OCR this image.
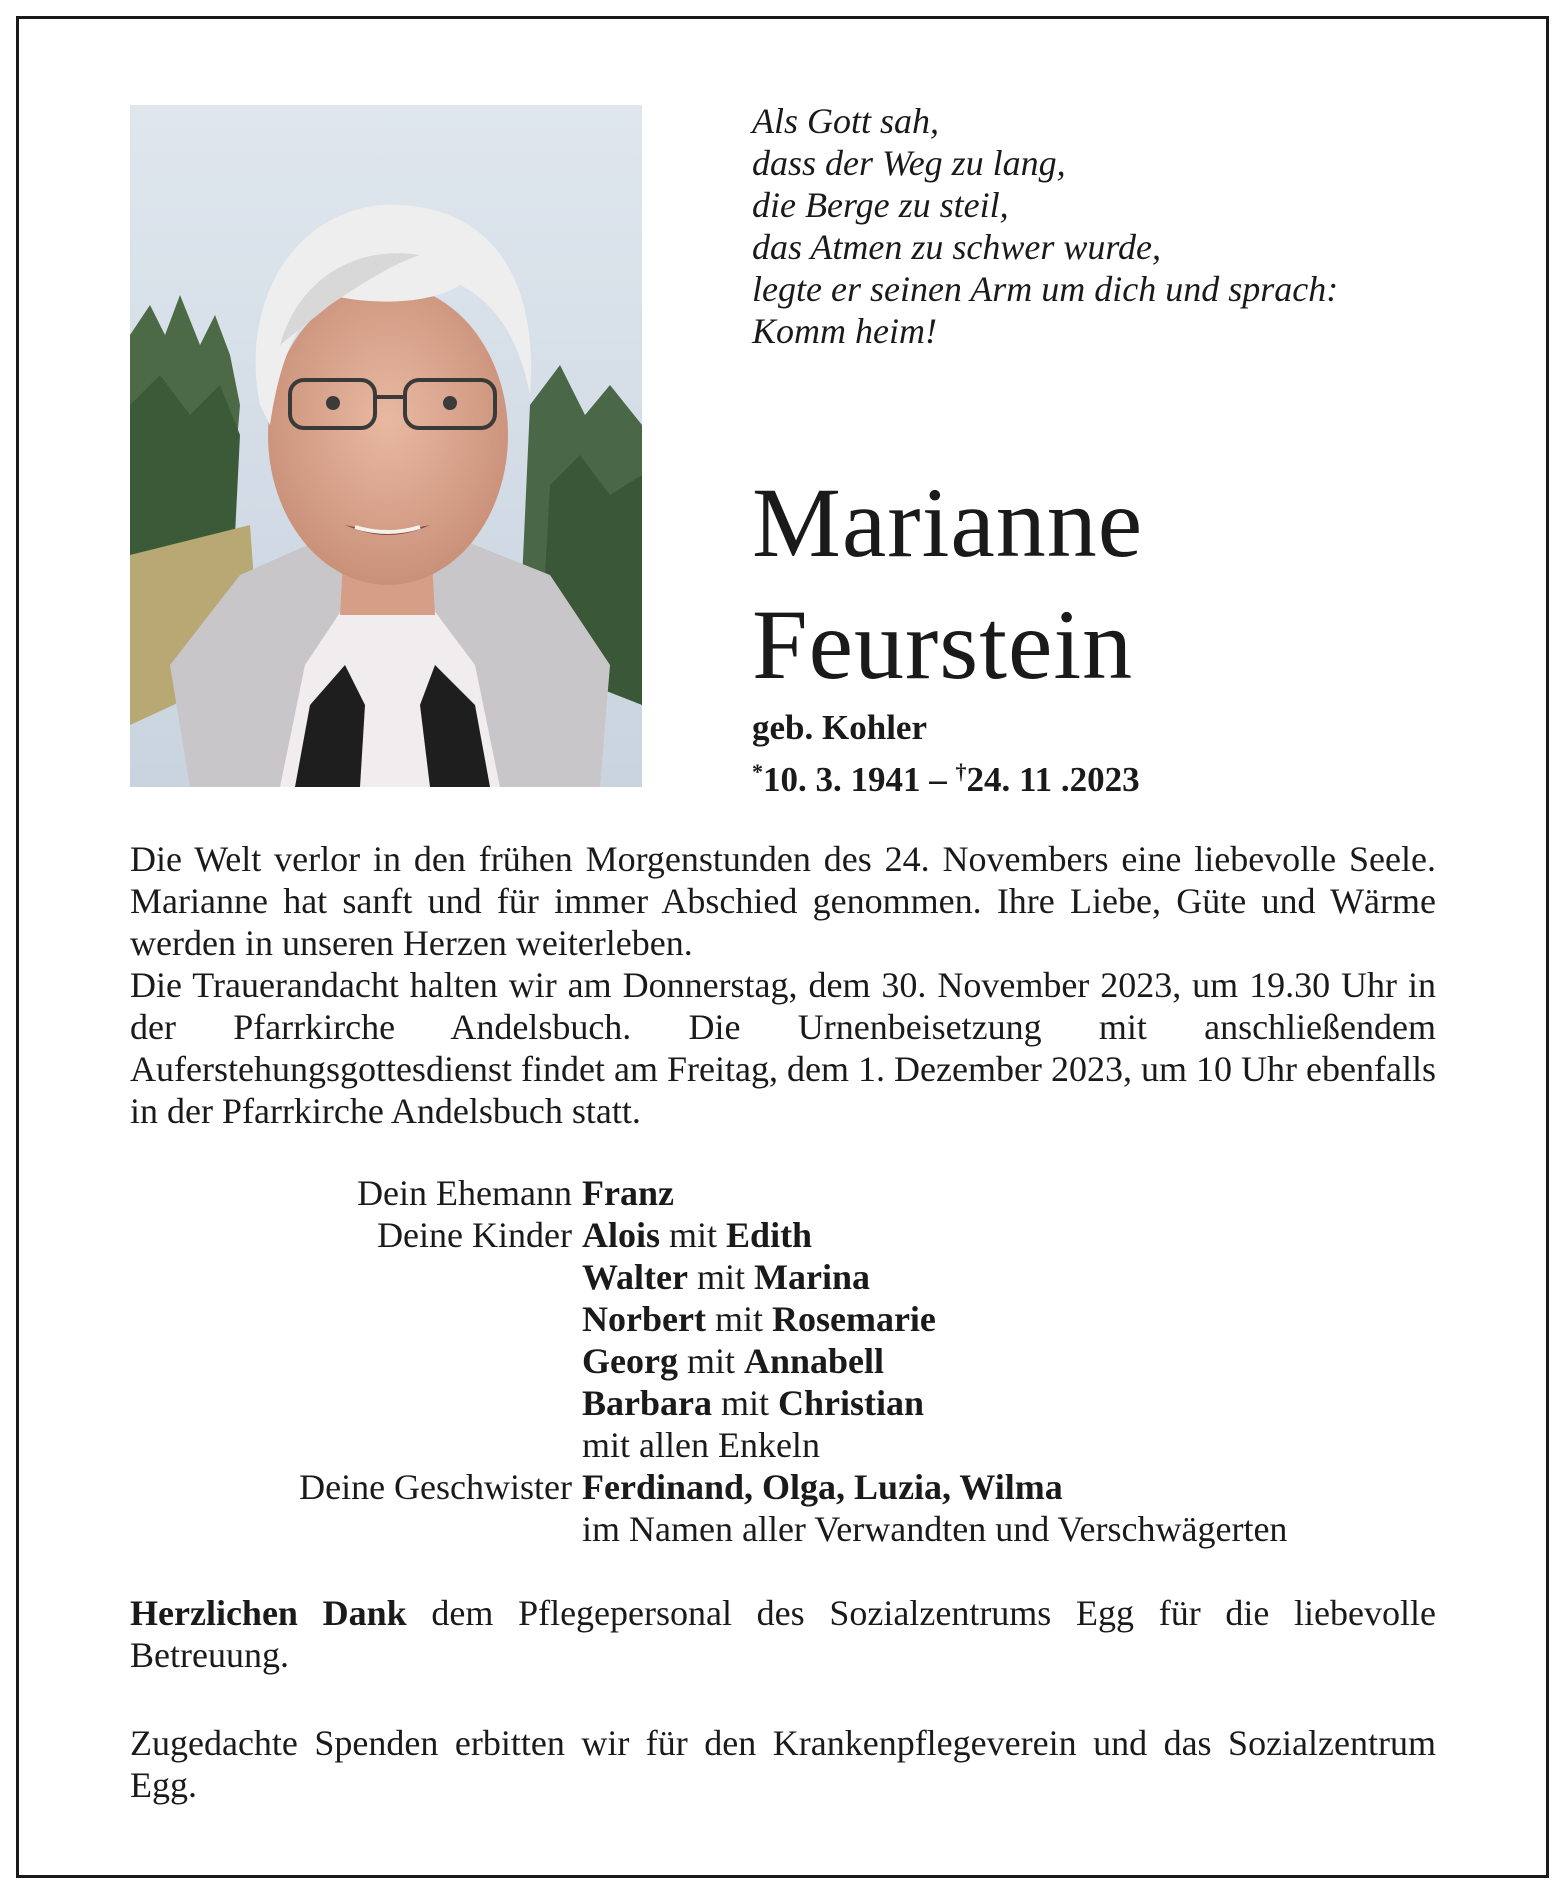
Als Gott sah,
dass der Weg zu lang,
die Berge zu steil,
das Atmen zu schwer wurde,
legte er seinen Arm um dich und sprach:
Komm heim!
Marianne
Feurstein
geb. Kohler
*10. 3. 1941 – †24. 11 .2023

Die Welt verlor in den frühen Morgenstunden des 24. Novembers eine liebevolle Seele. Marianne hat sanft und für immer Abschied genommen. Ihre Liebe, Güte und Wärme werden in unseren Herzen weiterleben.

Die Trauerandacht halten wir am Donnerstag, dem 30. November 2023, um 19.30 Uhr in der Pfarrkirche Andelsbuch. Die Urnenbeisetzung mit anschließendem Auferstehungsgottesdienst findet am Freitag, dem 1. Dezember 2023, um 10 Uhr ebenfalls in der Pfarrkirche Andelsbuch statt.

Dein Ehemann Franz
Deine Kinder Alois mit Edith
Walter mit Marina
Norbert mit Rosemarie
Georg mit Annabell
Barbara mit Christian
mit allen Enkeln
Deine Geschwister Ferdinand, Olga, Luzia, Wilma
im Namen aller Verwandten und Verschwägerten

Herzlichen Dank dem Pflegepersonal des Sozialzentrums Egg für die liebevolle Betreuung.

Zugedachte Spenden erbitten wir für den Krankenpflegeverein und das Sozialzentrum Egg.
